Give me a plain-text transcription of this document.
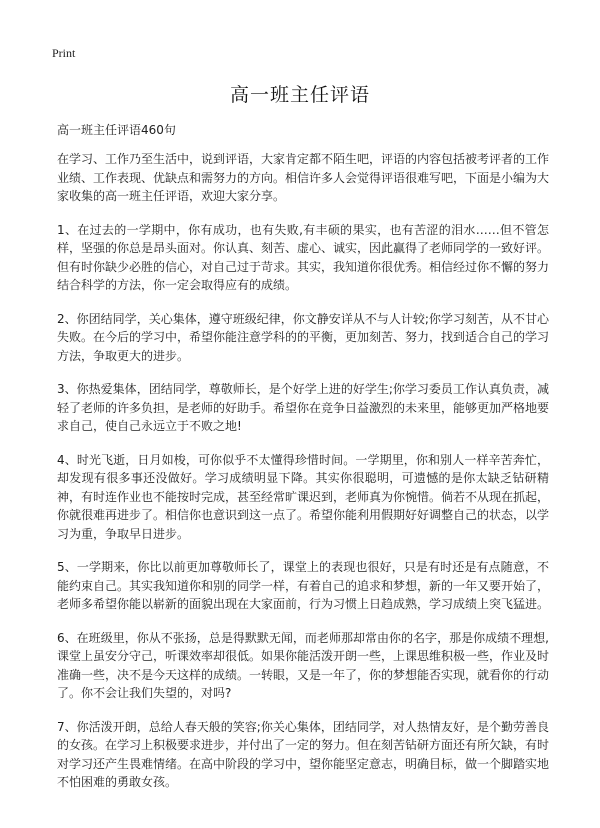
Print
高一班主任评语
高一班主任评语460句

在学习、工作乃至生活中，说到评语，大家肯定都不陌生吧，评语的内容包括被考评者的工作业绩、工作表现、优缺点和需努力的方向。相信许多人会觉得评语很难写吧，下面是小编为大家收集的高一班主任评语，欢迎大家分享。

1、在过去的一学期中，你有成功，也有失败,有丰硕的果实，也有苦涩的泪水……但不管怎样，坚强的你总是昂头面对。你认真、刻苦、虚心、诚实，因此赢得了老师同学的一致好评。但有时你缺少必胜的信心，对自己过于苛求。其实，我知道你很优秀。相信经过你不懈的努力结合科学的方法，你一定会取得应有的成绩。

2、你团结同学，关心集体，遵守班级纪律，你文静安详从不与人计较;你学习刻苦，从不甘心失败。在今后的学习中，希望你能注意学科的的平衡，更加刻苦、努力，找到适合自己的学习方法，争取更大的进步。

3、你热爱集体，团结同学，尊敬师长，是个好学上进的好学生;你学习委员工作认真负责，减轻了老师的许多负担，是老师的好助手。希望你在竞争日益激烈的未来里，能够更加严格地要求自己，使自己永远立于不败之地!

4、时光飞逝，日月如梭，可你似乎不太懂得珍惜时间。一学期里，你和别人一样辛苦奔忙，却发现有很多事还没做好。学习成绩明显下降。其实你很聪明，可遗憾的是你太缺乏钻研精神，有时连作业也不能按时完成，甚至经常旷课迟到，老师真为你惋惜。倘若不从现在抓起，你就很难再进步了。相信你也意识到这一点了。希望你能利用假期好好调整自己的状态，以学习为重，争取早日进步。

5、一学期来，你比以前更加尊敬师长了，课堂上的表现也很好，只是有时还是有点随意，不能约束自己。其实我知道你和别的同学一样，有着自己的追求和梦想，新的一年又要开始了，老师多希望你能以崭新的面貌出现在大家面前，行为习惯上日趋成熟，学习成绩上突飞猛进。

6、在班级里，你从不张扬，总是得默默无闻，而老师那却常由你的名字，那是你成绩不理想,课堂上虽安分守己，听课效率却很低。如果你能活泼开朗一些，上课思维积极一些，作业及时准确一些，决不是今天这样的成绩。一转眼，又是一年了，你的梦想能否实现，就看你的行动了。你不会让我们失望的，对吗?

7、你活泼开朗，总给人春天般的笑容;你关心集体，团结同学，对人热情友好，是个勤劳善良的女孩。在学习上积极要求进步，并付出了一定的努力。但在刻苦钻研方面还有所欠缺，有时对学习还产生畏难情绪。在高中阶段的学习中，望你能坚定意志，明确目标，做一个脚踏实地不怕困难的勇敢女孩。
